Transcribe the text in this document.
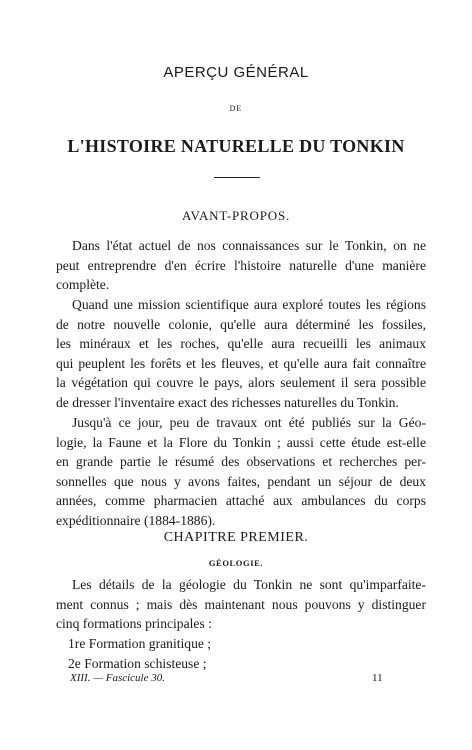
APERÇU GÉNÉRAL
DE
L'HISTOIRE NATURELLE DU TONKIN
AVANT-PROPOS.
Dans l'état actuel de nos connaissances sur le Tonkin, on ne
peut entreprendre d'en écrire l'histoire naturelle d'une manière
complète.
Quand une mission scientifique aura exploré toutes les régions
de notre nouvelle colonie, qu'elle aura déterminé les fossiles,
les minéraux et les roches, qu'elle aura recueilli les animaux
qui peuplent les forêts et les fleuves, et qu'elle aura fait connaître
la végétation qui couvre le pays, alors seulement il sera possible
de dresser l'inventaire exact des richesses naturelles du Tonkin.
Jusqu'à ce jour, peu de travaux ont été publiés sur la Géo-
logie, la Faune et la Flore du Tonkin ; aussi cette étude est-elle
en grande partie le résumé des observations et recherches per-
sonnelles que nous y avons faites, pendant un séjour de deux
années, comme pharmacien attaché aux ambulances du corps
expéditionnaire (1884-1886).
CHAPITRE PREMIER.
GÉOLOGIE.
Les détails de la géologie du Tonkin ne sont qu'imparfaite-
ment connus ; mais dès maintenant nous pouvons y distinguer
cinq formations principales :
1re Formation granitique ;
2e Formation schisteuse ;
XIII. — Fascicule 30.	11
